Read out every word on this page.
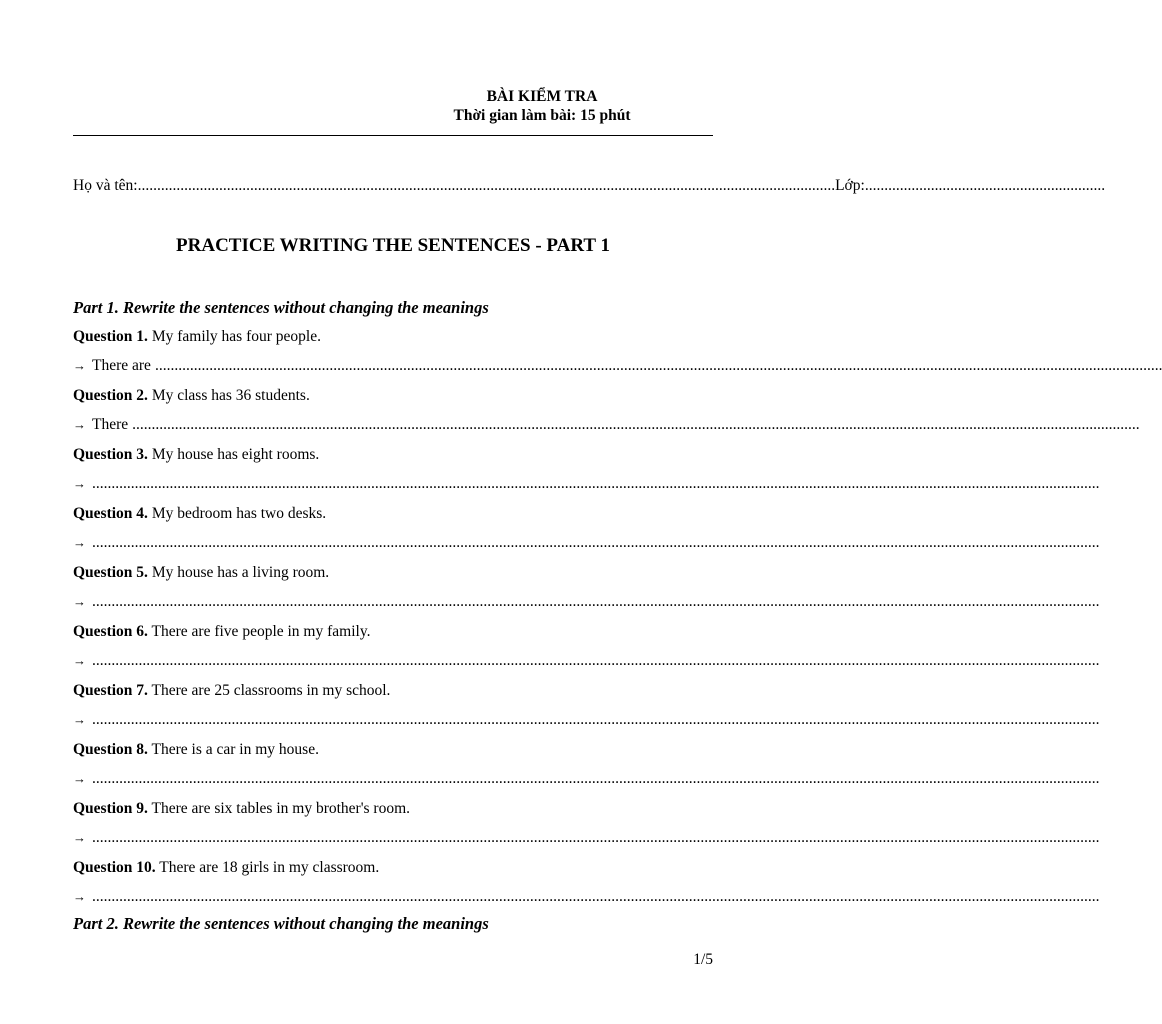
BÀI KIỂM TRA
Thời gian làm bài: 15 phút
Họ và tên: .................................................................................................................................................................................... Lớp: ..............................................................
PRACTICE WRITING THE SENTENCES - PART 1
Part 1. Rewrite the sentences without changing the meanings
Question 1. My family has four people.
→ There are ....................................................................................................................................................................................................................................................................
Question 2. My class has 36 students.
→ There ....................................................................................................................................................................................................................................................................
Question 3. My house has eight rooms.
→ ....................................................................................................................................................................................................................................................................
Question 4. My bedroom has two desks.
→ ....................................................................................................................................................................................................................................................................
Question 5. My house has a living room.
→ ....................................................................................................................................................................................................................................................................
Question 6. There are five people in my family.
→ ....................................................................................................................................................................................................................................................................
Question 7. There are 25 classrooms in my school.
→ ....................................................................................................................................................................................................................................................................
Question 8. There is a car in my house.
→ ....................................................................................................................................................................................................................................................................
Question 9. There are six tables in my brother's room.
→ ....................................................................................................................................................................................................................................................................
Question 10. There are 18 girls in my classroom.
→ ....................................................................................................................................................................................................................................................................
Part 2. Rewrite the sentences without changing the meanings
1/5
